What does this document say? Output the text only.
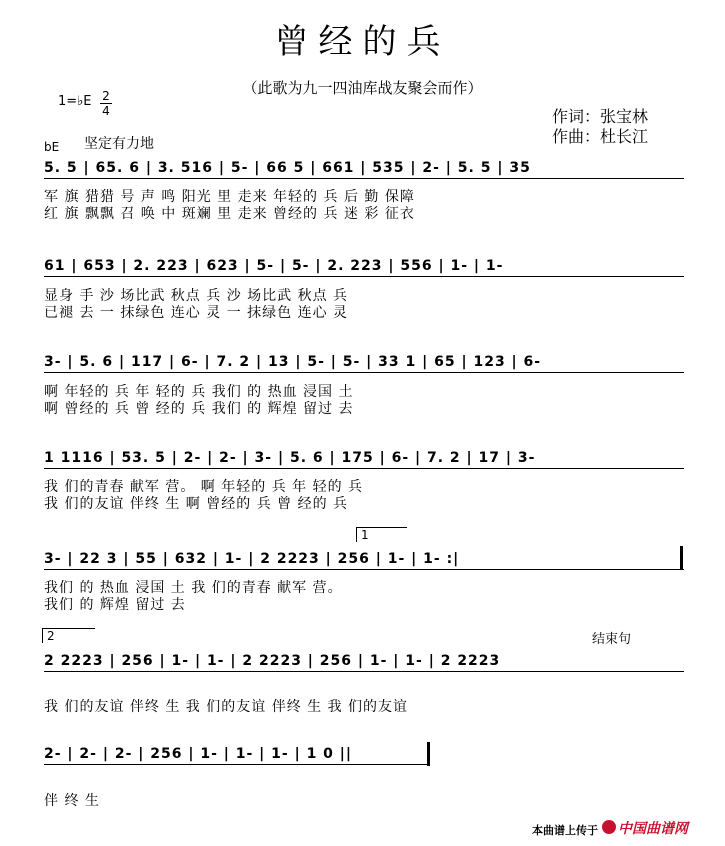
曾经的兵
（此歌为九一四油库战友聚会而作）
1=♭E 2
4	作词：张宝林
作曲：杜长江
bE 坚定有力地
5. 5 | 65. 6 | 3. 516 | 5- | 66 5 | 661 | 535 | 2- | 5. 5 | 35
军 旗 猎猎 号 声 鸣 阳光 里 走来 年轻的 兵 后 勤 保障
红 旗 飘飘 召 唤 中 斑斓 里 走来 曾经的 兵 迷 彩 征衣
61 | 653 | 2. 223 | 623 | 5- | 5- | 2. 223 | 556 | 1- | 1-
显身 手 沙 场比武 秋点 兵 沙 场比武 秋点 兵
已褪 去 一 抹绿色 连心 灵 一 抹绿色 连心 灵
3- | 5. 6 | 117 | 6- | 7. 2 | 13 | 5- | 5- | 33 1 | 65 | 123 | 6-
啊 年轻的 兵 年 轻的 兵 我们 的 热血 浸国 土
啊 曾经的 兵 曾 经的 兵 我们 的 辉煌 留过 去
1 1116 | 53. 5 | 2- | 2- | 3- | 5. 6 | 175 | 6- | 7. 2 | 17 | 3-
我 们的青春 献军 营。 啊 年轻的 兵 年 轻的 兵
我 们的友谊 伴终 生 啊 曾经的 兵 曾 经的 兵
1
3- | 22 3 | 55 | 632 | 1- | 2 2223 | 256 | 1- | 1- :|
我们 的 热血 浸国 土 我 们的青春 献军 营。
我们 的 辉煌 留过 去
2	结束句
2 2223 | 256 | 1- | 1- | 2 2223 | 256 | 1- | 1- | 2 2223
我 们的友谊 伴终 生 我 们的友谊 伴终 生 我 们的友谊
2- | 2- | 2- | 256 | 1- | 1- | 1- | 1 0 ||
伴 终 生
本曲谱上传于 中国曲谱网
